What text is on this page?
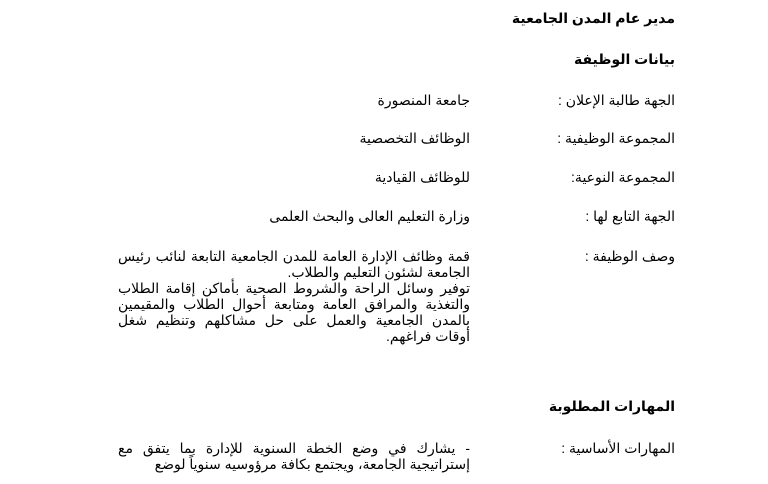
مدير عام المدن الجامعية
بيانات الوظيفة
الجهة طالبة الإعلان :
جامعة المنصورة
المجموعة الوظيفية :
الوظائف التخصصية
المجموعة النوعية:
للوظائف القيادية
الجهة التابع لها :
وزارة التعليم العالى والبحث العلمى
وصف الوظيفة :
قمة وظائف الإدارة العامة للمدن الجامعية التابعة لنائب رئيس الجامعة لشئون التعليم والطلاب.
توفير وسائل الراحة والشروط الصحية بأماكن إقامة الطلاب والتغذية والمرافق العامة ومتابعة أحوال الطلاب والمقيمين بالمدن الجامعية والعمل على حل مشاكلهم وتنظيم شغل أوقات فراغهم.
المهارات المطلوبة
المهارات الأساسية :
- يشارك في وضع الخطة السنوية للإدارة بما يتفق مع إستراتيجية الجامعة، ويجتمع بكافة مرؤوسيه سنوياً لوضع
